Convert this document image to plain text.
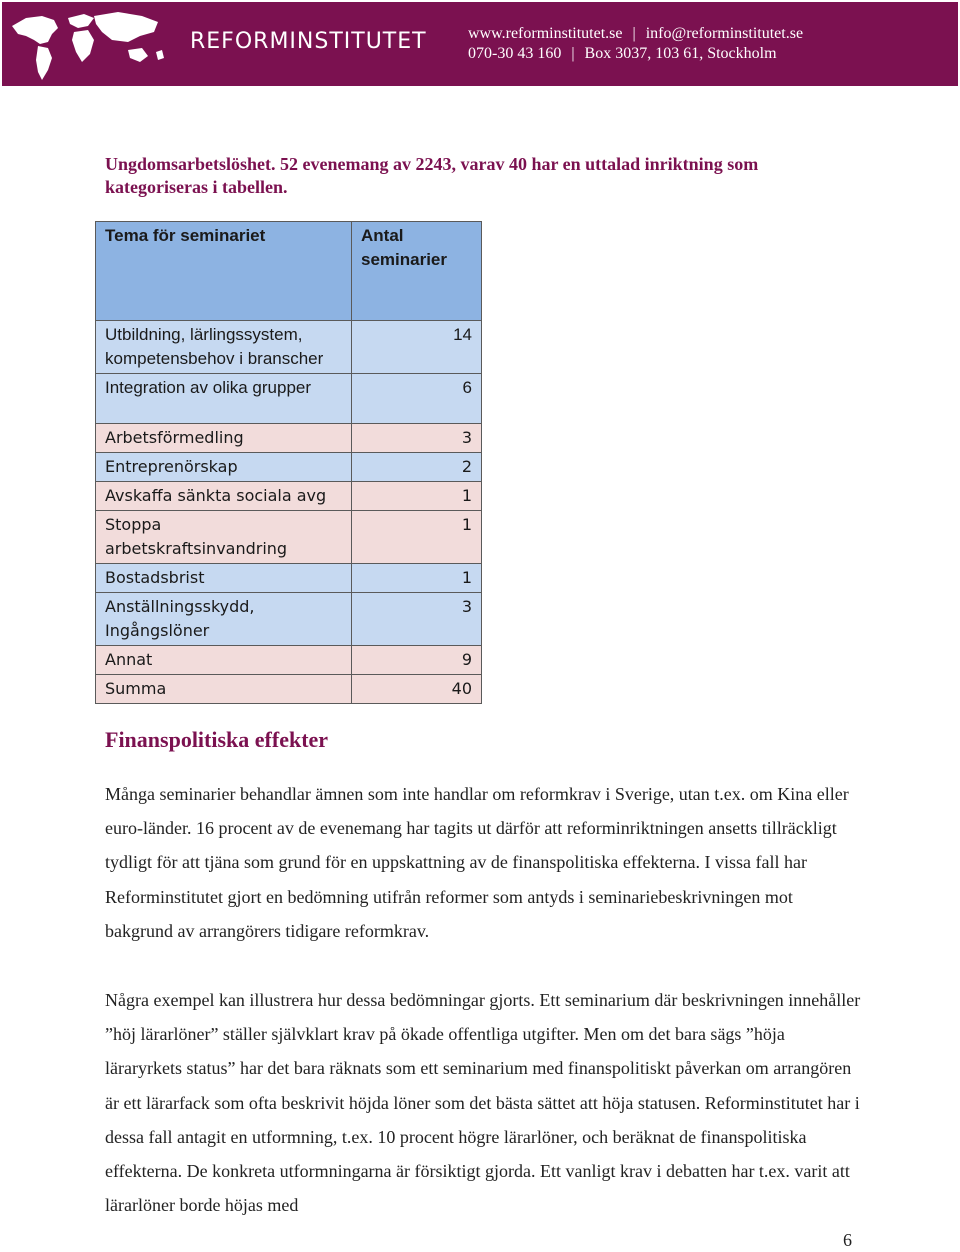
REFORMINSTITUTET	www.reforminstitutet.se | info@reforminstitutet.se
070-30 43 160 | Box 3037, 103 61, Stockholm
Ungdomsarbetslöshet. 52 evenemang av 2243, varav 40 har en uttalad inriktning som kategoriseras i tabellen.
Tema för seminariet	Antal seminarier
Utbildning, lärlingssystem, kompetensbehov i branscher	14
Integration av olika grupper	6
Arbetsförmedling	3
Entreprenörskap	2
Avskaffa sänkta sociala avg	1
Stoppa arbetskraftsinvandring	1
Bostadsbrist	1
Anställningsskydd, Ingångslöner	3
Annat	9
Summa	40
Finanspolitiska effekter
Många seminarier behandlar ämnen som inte handlar om reformkrav i Sverige, utan t.ex. om Kina eller euro-länder. 16 procent av de evenemang har tagits ut därför att reforminriktningen ansetts tillräckligt tydligt för att tjäna som grund för en uppskattning av de finanspolitiska effekterna. I vissa fall har Reforminstitutet gjort en bedömning utifrån reformer som antyds i seminariebeskrivningen mot bakgrund av arrangörers tidigare reformkrav.
Några exempel kan illustrera hur dessa bedömningar gjorts. Ett seminarium där beskrivningen innehåller ”höj lärarlöner” ställer självklart krav på ökade offentliga utgifter. Men om det bara sägs ”höja läraryrkets status” har det bara räknats som ett seminarium med finanspolitiskt påverkan om arrangören är ett lärarfack som ofta beskrivit höjda löner som det bästa sättet att höja statusen. Reforminstitutet har i dessa fall antagit en utformning, t.ex. 10 procent högre lärarlöner, och beräknat de finanspolitiska effekterna. De konkreta utformningarna är försiktigt gjorda. Ett vanligt krav i debatten har t.ex. varit att lärarlöner borde höjas med
6
